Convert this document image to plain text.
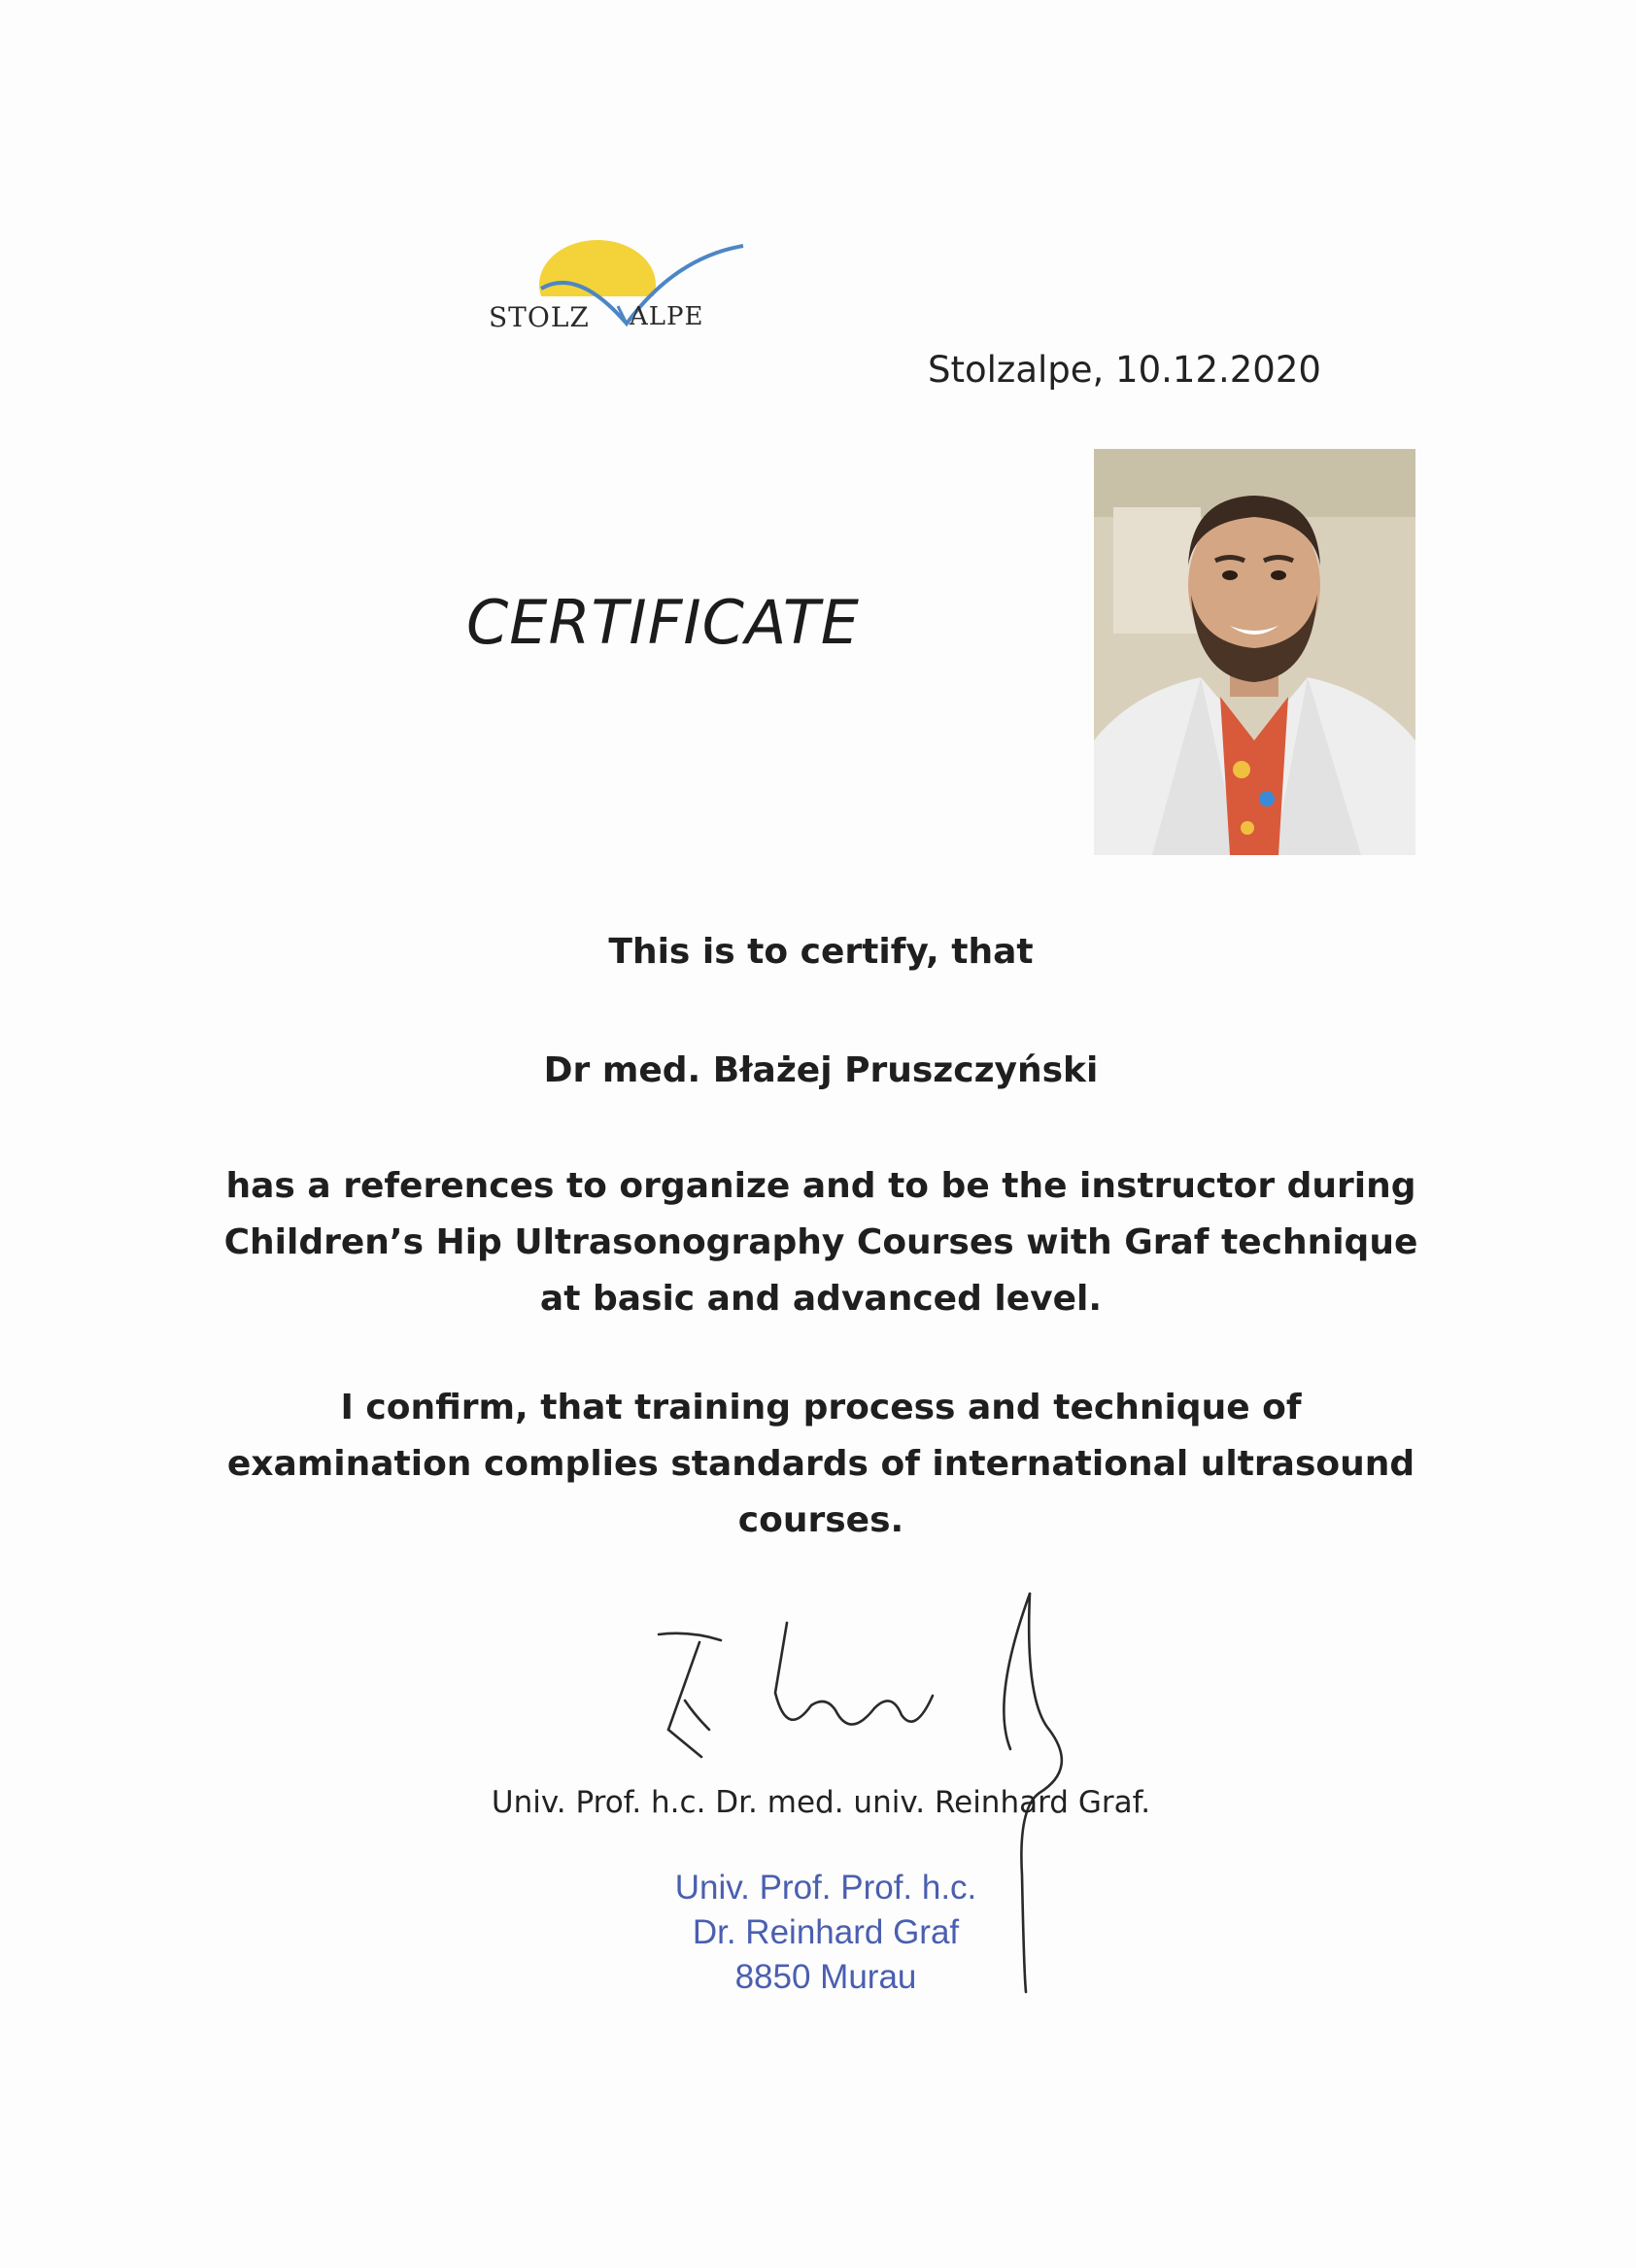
STOLZ ALPE
Stolzalpe, 10.12.2020
CERTIFICATE
This is to certify, that
Dr med. Błażej Pruszczyński
has a references to organize and to be the instructor during
Children’s Hip Ultrasonography Courses with Graf technique
at basic and advanced level.
I confirm, that training process and technique of
examination complies standards of international ultrasound
courses.
Univ. Prof. h.c. Dr. med. univ. Reinhard Graf.
Univ. Prof. Prof. h.c.
Dr. Reinhard Graf
8850 Murau
